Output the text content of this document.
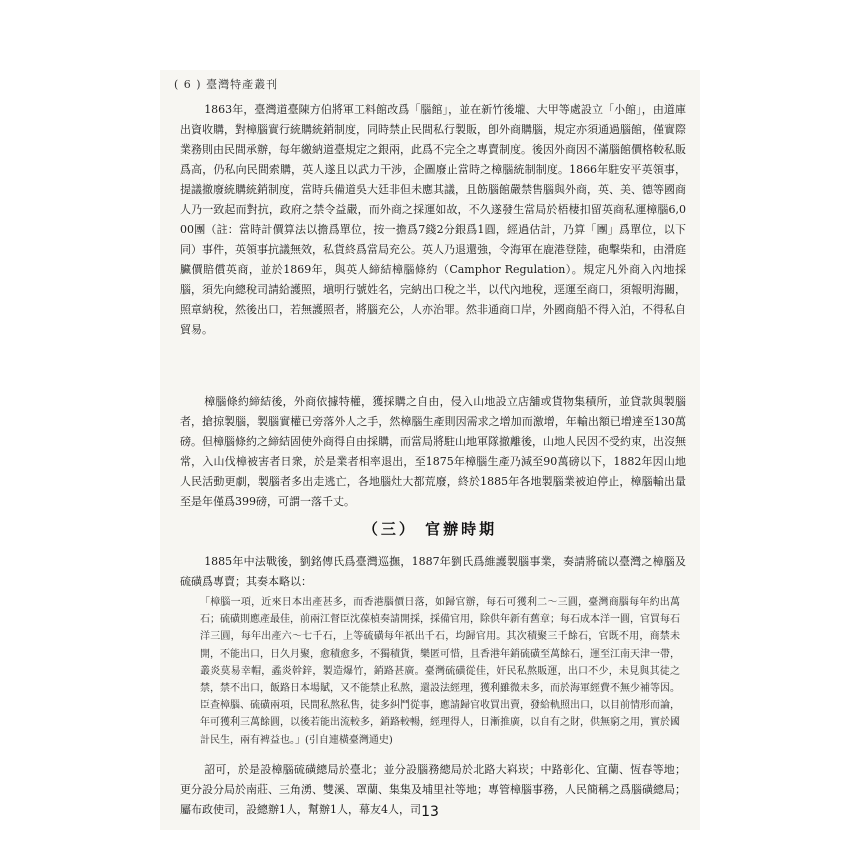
( 6 ) 臺灣特產叢刊
1863年，臺灣道臺陳方伯將軍工料館改爲「腦館」，並在新竹後壠、大甲等處設立「小館」，由道庫出資收購，對樟腦實行統購統銷制度，同時禁止民間私行製販，卽外商購腦，規定亦須通過腦館，僅實際業務則由民間承辦，每年繳納道臺規定之銀兩，此爲不完全之專賣制度。後因外商因不滿腦館價格較私販爲高，仍私向民間索購，英人遂且以武力干涉，企圖廢止當時之樟腦統制制度。1866年駐安平英領事，提議撤廢統購統銷制度，當時兵備道吳大廷非但未應其議，且飭腦館嚴禁售腦與外商，英、美、德等國商人乃一致起而對抗，政府之禁令益嚴，而外商之採運如故，不久遂發生當局於梧棲扣留英商私運樟腦6,000團（註：當時計價算法以擔爲單位，按一擔爲7錢2分銀爲1圓，經過估計，乃算「團」爲單位，以下同）事件，英領事抗議無效，私貨終爲當局充公。英人乃退還強，令海軍在鹿港登陸，砲擊柴和，由滑庭臟價賠償英商，並於1869年，與英人締結樟腦條約（Camphor Regulation）。規定凡外商入內地採腦，須先向總稅司請給護照，塡明行號姓名，完納出口稅之半，以代內地稅，逕運至商口，須報明海關，照章納稅，然後出口，若無護照者，將腦充公，人亦治罪。然非通商口岸，外國商船不得入泊，不得私自貿易。
樟腦條約締結後，外商依據特權，獲採購之自由，侵入山地設立店舖或貨物集積所，並貸款與製腦者，搶掠製腦，製腦實權已旁落外人之手，然樟腦生產則因需求之增加而激增，年輸出額已增達至130萬磅。但樟腦條約之締結固使外商得自由採購，而當局將駐山地軍隊撤離後，山地人民因不受約束，出沒無常，入山伐樟被害者日衆，於是業者相率退出，至1875年樟腦生產乃減至90萬磅以下，1882年因山地人民活動更劇，製腦者多出走逃亡，各地腦灶大都荒廢，終於1885年各地製腦業被迫停止，樟腦輸出量至是年僅爲399磅，可謂一落千丈。
（三） 官辦時期
1885年中法戰後，劉銘傳氏爲臺灣巡撫，1887年劉氏爲維護製腦事業，奏請將硫以臺灣之樟腦及硫磺爲專賣；其奏本略以：
「樟腦一項，近來日本出產甚多，而香港腦價日落，如歸官辦，每石可獲利二～三圓，臺灣商腦每年約出萬石；硫磺則應產最佳，前兩江督臣沈葆楨奏請開採，採備官用，除供年新有舊章；每石成本洋一圓，官買每石洋三圓，每年出產六～七千石，上等硫磺每年祇出千石，均歸官用。其次積聚三千餘石，官既不用，商禁未開，不能出口，日久月聚，愈積愈多，不獨積貨，樂匿可惜，且香港年銷硫磺至萬餘石，運至江南天津一帶，叢炎莫易幸帽，蟊炎幹鋅，製造爆竹，銷路甚廣。臺灣硫磺從佳，奸民私熬販運，出口不少，未見與其徒之禁，禁不出口，飯路日本場賦，又不能禁止私熬，還設法經理，獲利雖微未多，而於海軍經費不無少補等因。臣查樟腦、硫磺兩項，民間私熬私售，徒多糾鬥從事，應請歸官收買出賣，發給軌照出口，以目前情形而論，年可獲利三萬餘圓，以後若能出流較多，銷路較暢，經理得人，日漸推廣，以自有之財，供無窮之用，實於國計民生，兩有裨益也。」(引自連橫臺灣通史)
詔可，於是設樟腦硫磺總局於臺北；並分設腦務總局於北路大嵙崁；中路彰化、宜蘭、恆春等地；更分設分局於南莊、三角湧、雙溪、罩蘭、集集及埔里社等地；專管樟腦事務，人民簡稱之爲腦磺總局；屬布政使司，設總辦1人，幫辦1人，幕友4人，司 13
